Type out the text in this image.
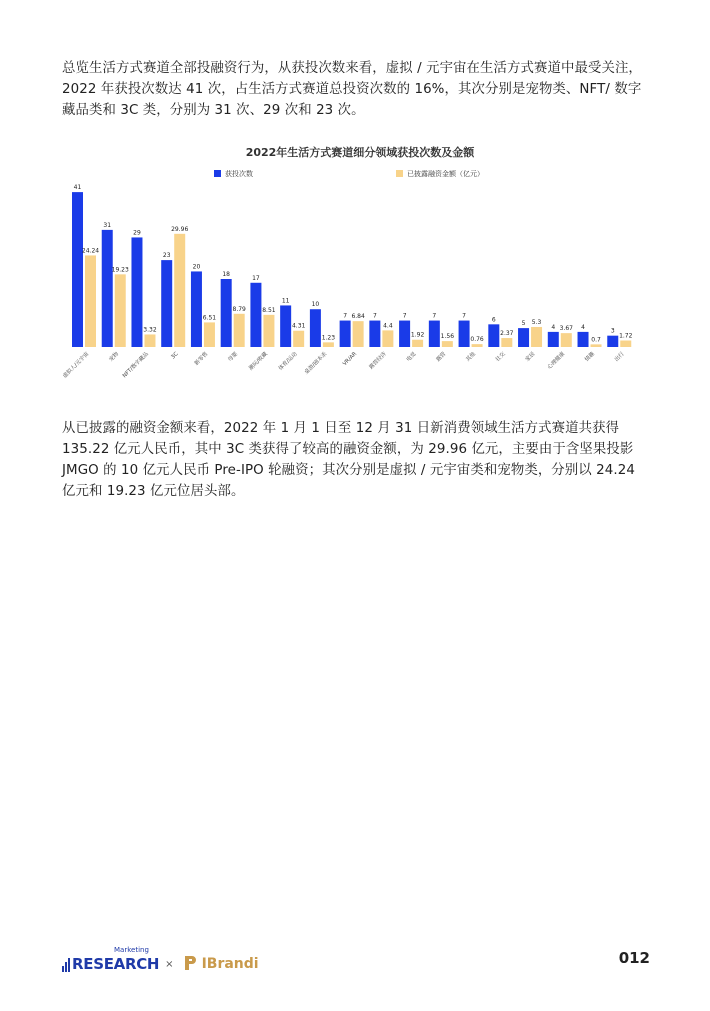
总览生活方式赛道全部投融资行为，从获投次数来看，虚拟 / 元宇宙在生活方式赛道中最受关注，2022 年获投次数达 41 次，占生活方式赛道总投资次数的 16%，其次分别是宠物类、NFT/ 数字藏品类和 3C 类，分别为 31 次、29 次和 23 次。

2022年生活方式赛道细分领域获投次数及金额
获投次数	已披露融资金额（亿元）
41
24.24
虚拟人/元宇宙
31
19.23
宠物
29
3.32
NFT/数字藏品
23
29.96
3C
20
6.51
新零售
18
8.79
母婴
17
8.51
潮玩/收藏
11
4.31
体育/运动
10
1.23
桌游/剧本杀
7 6.84
VR/AR
7
4.4
露营经济
7
1.92
电竞
7
1.56
露营
7
0.76
其他
6
2.37
社交
5 5.3
家居
4 3.67
心理健康
4
0.7
情趣
3
1.72
出行

从已披露的融资金额来看，2022 年 1 月 1 日至 12 月 31 日新消费领域生活方式赛道共获得 135.22 亿元人民币，其中 3C 类获得了较高的融资金额，为 29.96 亿元，主要由于含坚果投影 JMGO 的 10 亿元人民币 Pre-IPO 轮融资；其次分别是虚拟 / 元宇宙类和宠物类，分别以 24.24 亿元和 19.23 亿元位居头部。

RESEARCH
Marketing
× IBrandi	012
